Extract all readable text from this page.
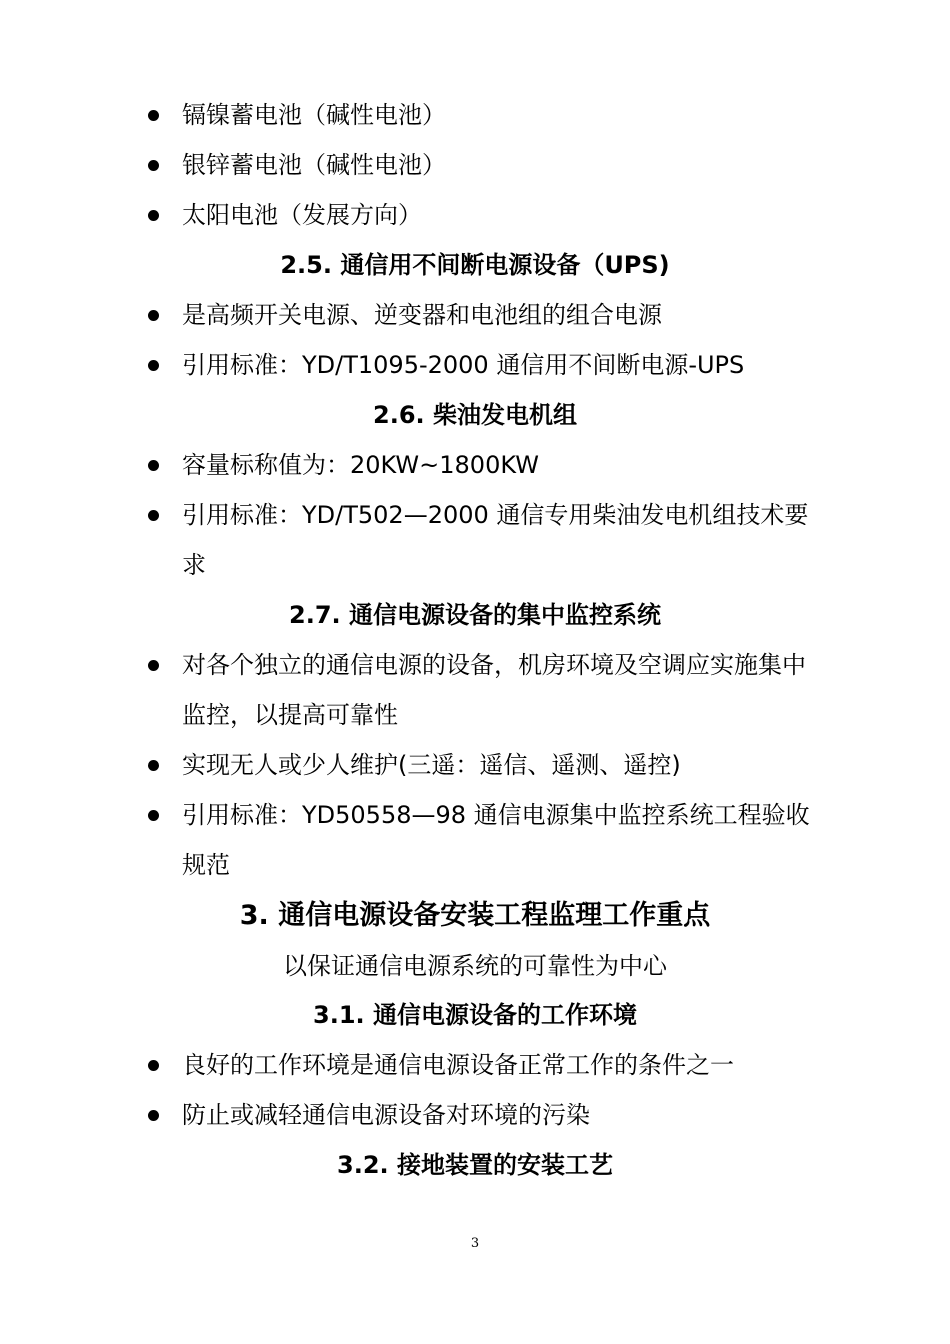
镉镍蓄电池（碱性电池）
银锌蓄电池（碱性电池）
太阳电池（发展方向）
2.5. 通信用不间断电源设备（UPS)
是高频开关电源、逆变器和电池组的组合电源
引用标准：YD/T1095-2000 通信用不间断电源-UPS
2.6. 柴油发电机组
容量标称值为：20KW~1800KW
引用标准：YD/T502—2000 通信专用柴油发电机组技术要求
2.7. 通信电源设备的集中监控系统
对各个独立的通信电源的设备，机房环境及空调应实施集中监控，以提高可靠性
实现无人或少人维护(三遥：遥信、遥测、遥控)
引用标准：YD50558—98 通信电源集中监控系统工程验收规范
3. 通信电源设备安装工程监理工作重点
以保证通信电源系统的可靠性为中心
3.1. 通信电源设备的工作环境
良好的工作环境是通信电源设备正常工作的条件之一
防止或减轻通信电源设备对环境的污染
3.2. 接地装置的安装工艺
3
